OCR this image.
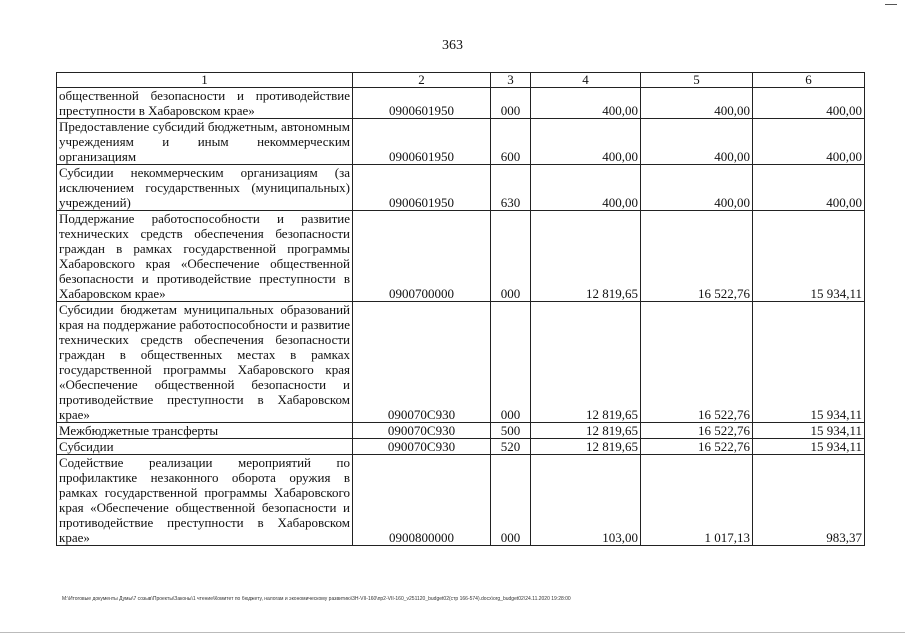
363
1	2	3	4	5	6
общественной безопасности и противодействие преступности в Хабаровском крае»	0900601950	000	400,00	400,00	400,00
Предоставление субсидий бюджетным, автономным учреждениям и иным некоммерческим организациям	0900601950	600	400,00	400,00	400,00
Субсидии некоммерческим организациям (за исключением государственных (муниципальных) учреждений)	0900601950	630	400,00	400,00	400,00
Поддержание работоспособности и развитие технических средств обеспечения безопасности граждан в рамках государственной программы Хабаровского края «Обеспечение общественной безопасности и противодействие преступности в Хабаровском крае»	0900700000	000	12 819,65	16 522,76	15 934,11
Субсидии бюджетам муниципальных образований края на поддержание работоспособности и развитие технических средств обеспечения безопасности граждан в общественных местах в рамках государственной программы Хабаровского края «Обеспечение общественной безопасности и противодействие преступности в Хабаровском крае»	090070С930	000	12 819,65	16 522,76	15 934,11
Межбюджетные трансферты	090070С930	500	12 819,65	16 522,76	15 934,11
Субсидии	090070С930	520	12 819,65	16 522,76	15 934,11
Содействие реализации мероприятий по профилактике незаконного оборота оружия в рамках государственной программы Хабаровского края «Обеспечение общественной безопасности и противодействие преступности в Хабаровском крае»	0900800000	000	103,00	1 017,13	983,37
M:\Итоговые документы Думы\7 созыв\Проекты\Законы\1 чтение\Комитет по бюджету, налогам и экономическому развитию\3H-VII-160\пр2-VII-160_v251120_budget02(стр 166-574).docx\org_budget02\24.11.2020 19:28:00
